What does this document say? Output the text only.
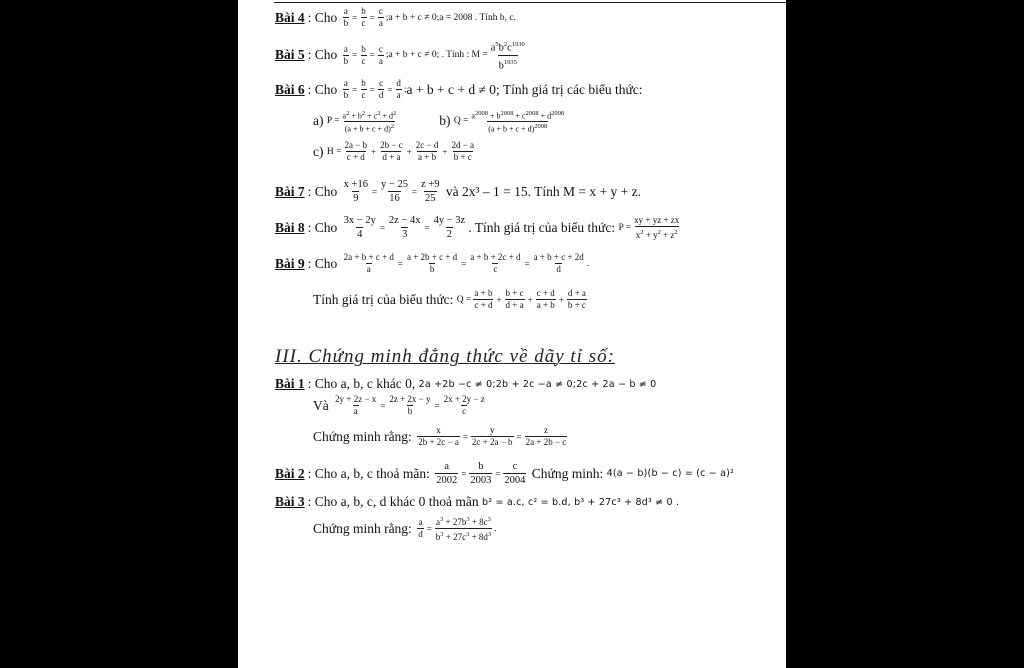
Bài 4 : Cho
$\frac{a}{b} = \frac{b}{c} = \frac{c}{a}$ ; a + b + c ≠ 0;a = 2008 . Tính b, c.
Bài 5 : Cho
$\frac{a}{b} = \frac{b}{c} = \frac{c}{a}$ ; a + b + c ≠ 0; . Tính : $M = \frac{a^5b^2c^{1930}}{b^{1935}}$
Bài 6 : Cho
$\frac{a}{b} = \frac{b}{c} = \frac{c}{d} = \frac{d}{a}$ ; a + b + c + d ≠ 0; Tính giá trị các biểu thức:
a)
$P = \frac{a^2 + b^2 + c^2 + d^2}{(a + b + c + d)^2}$	b)
$Q = \frac{a^{2008} + b^{2008} + c^{2008} + d^{2008}}{(a + b + c + d)^{2008}}$
c)
$H = \frac{2a - b}{c + d} + \frac{2b - c}{d + a} + \frac{2c - d}{a + b} + \frac{2d - a}{b + c}$
Bài 7 : Cho
$\frac{x +16}{9} = \frac{y - 25}{16} = \frac{z +9}{25}$
và 2x³ – 1 = 15. Tính M = x + y + z.
Bài 8 : Cho
$\frac{3x - 2y}{4} = \frac{2z - 4x}{3} = \frac{4y - 3z}{2}$ . Tính giá trị của biểu thức:
$P = \frac{xy + yz + zx}{x^2 + y^2 + z^2}$
Bài 9 : Cho
$\frac{2a + b + c + d}{a} = \frac{a + 2b + c + d}{b} = \frac{a + b + 2c + d}{c} = \frac{a + b + c + 2d}{d}$ .
Tính giá trị của biểu thức:
$Q = \frac{a + b}{c + d} + \frac{b + c}{d + a} + \frac{c + d}{a + b} + \frac{d + a}{b + c}$
III. Chứng minh đẳng thức về dãy tỉ số:
Bài 1 : Cho a, b, c khác 0,
2a +2b −c ≠ 0;2b + 2c −a ≠ 0;2c + 2a − b ≠ 0
Và
$\frac{2y + 2z - x}{a} = \frac{2z + 2x - y}{b} = \frac{2x + 2y - z}{c}$
Chứng minh rằng:
$\frac{x}{2b + 2c - a} = \frac{y}{2c + 2a - b} = \frac{z}{2a + 2b - c}$
Bài 2 : Cho a, b, c thoả mãn:
$\frac{a}{2002} = \frac{b}{2003} = \frac{c}{2004}$
Chứng minh:
4(a − b)(b − c) = (c − a)²
Bài 3 : Cho a, b, c, d khác 0 thoả mãn
b² = a.c, c² = b.d, b³ + 27c³ + 8d³ ≠ 0 .
Chứng minh rằng:
$\frac{a}{d} = \frac{a^3 + 27b^3 + 8c^3}{b^3 + 27c^3 + 8d^3}$ .
